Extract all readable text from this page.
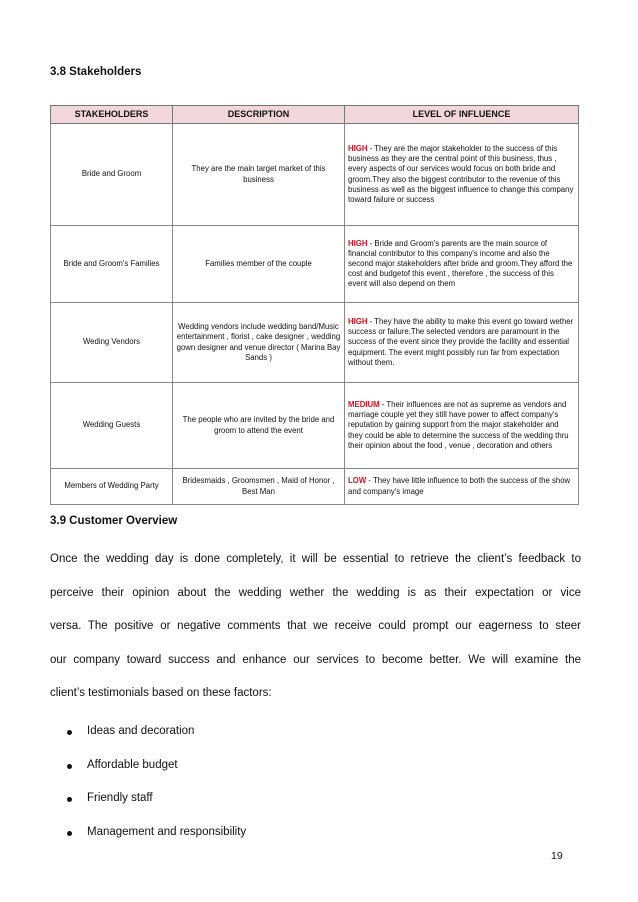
3.8 Stakeholders
STAKEHOLDERS	DESCRIPTION	LEVEL OF INFLUENCE
Bride and Groom	They are the main target market of this business	HIGH - They are the major stakeholder to the success of this business as they are the central point of this business, thus , every aspects of our services would focus on both bride and groom.They also the biggest contributor to the revenue of this business as well as the biggest influence to change this company toward failure or success
Bride and Groom's Families	Families member of the couple	HIGH - Bride and Groom's parents are the main source of financial contributor to this company's income and also the second major stakeholders after bride and groom.They afford the cost and budgetof this event , therefore , the success of this event will also depend on them
Weding Vendors	Wedding vendors include wedding band/Music entertainment , florist , cake designer , wedding gown designer and venue director ( Marina Bay Sands )	HIGH - They have the ability to make this event go toward wether success or failure.The selected vendors are paramount in the success of the event since they provide the facility and essential equipment. The event might possibly run far from expectation without them.
Wedding Guests	The people who are invited by the bride and groom to attend the event	MEDIUM - Their influences are not as supreme as vendors and marriage couple yet they still have power to affect company's reputation by gaining support from the major stakeholder and they could be able to determine the success of the wedding thru their opinion about the food , venue , decoration and others
Members of Wedding Party	Bridesmaids , Groomsmen , Maid of Honor , Best Man	LOW - They have little influence to both the success of the show and company's image
3.9 Customer Overview
Once the wedding day is done completely, it will be essential to retrieve the client’s feedback to
perceive their opinion about the wedding wether the wedding is as their expectation or vice
versa. The positive or negative comments that we receive could prompt our eagerness to steer
our company toward success and enhance our services to become better. We will examine the
client’s testimonials based on these factors:
Ideas and decoration
Affordable budget
Friendly staff
Management and responsibility
19
